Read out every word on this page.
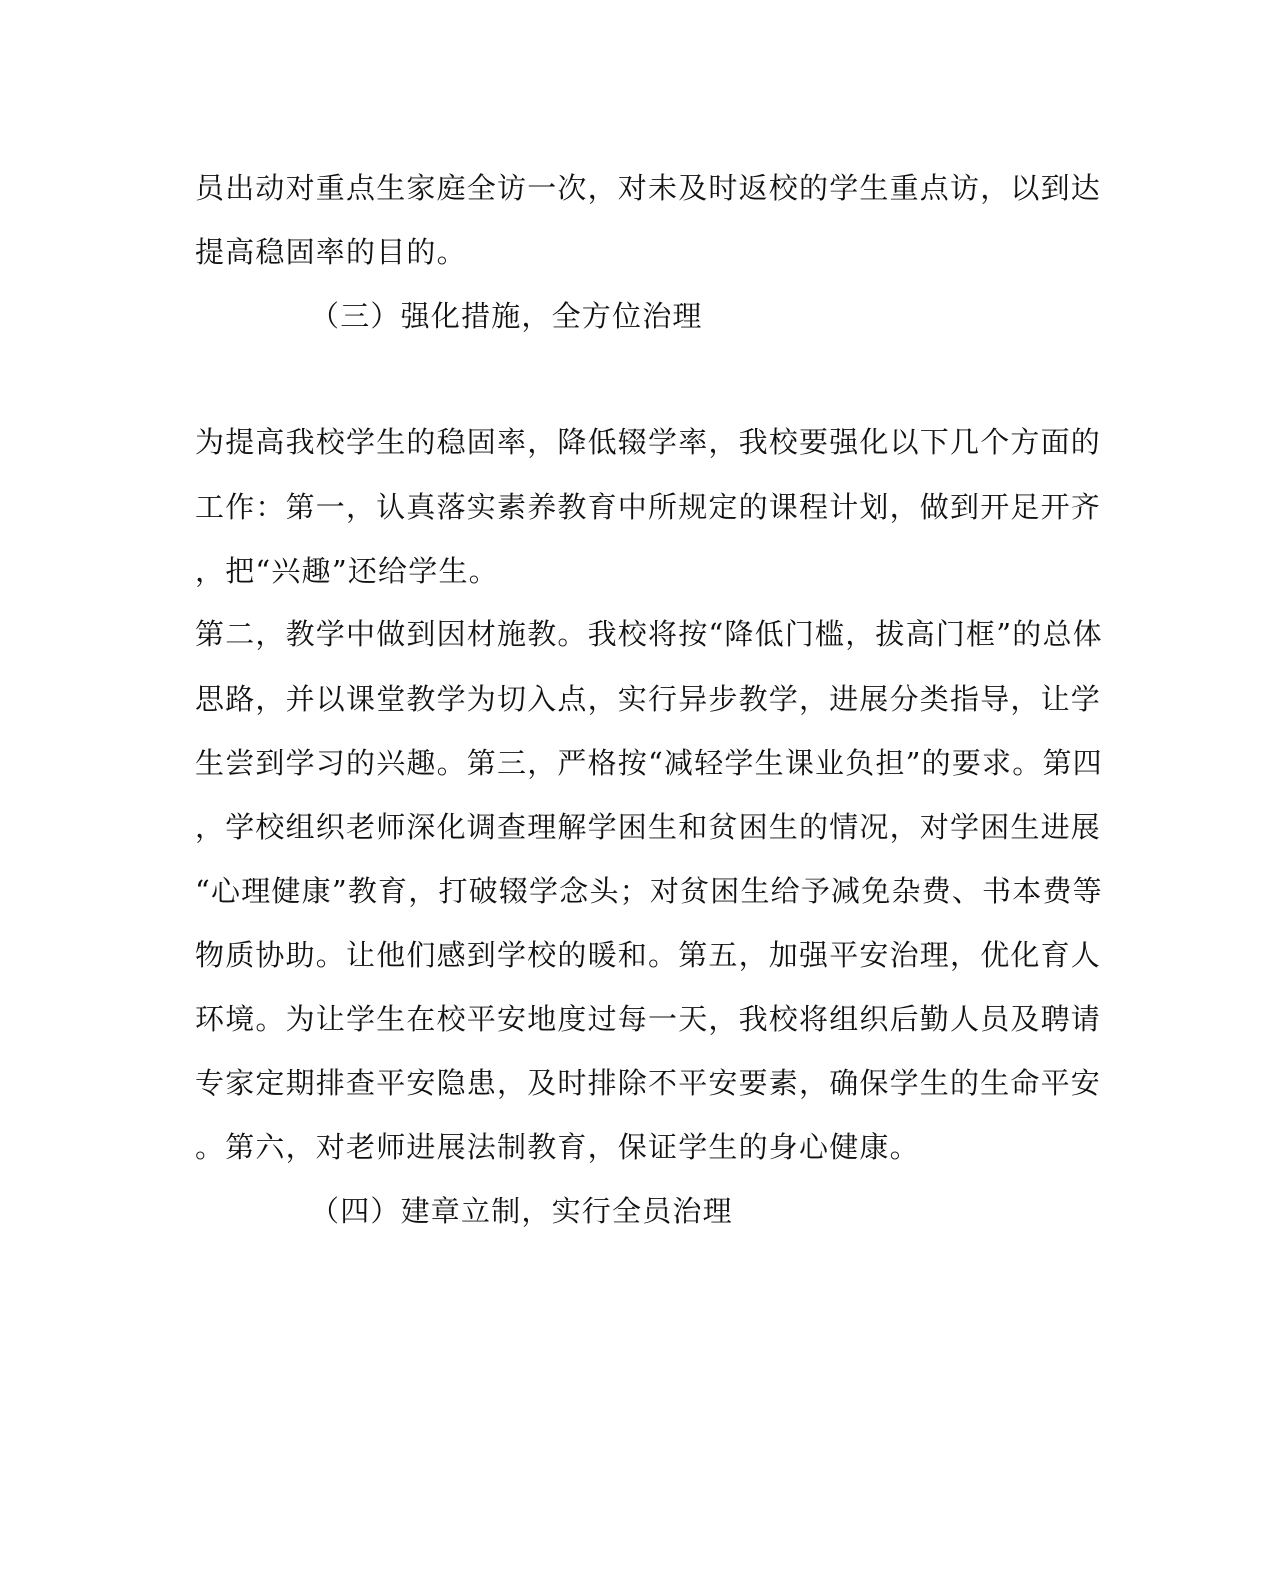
员出动对重点生家庭全访一次，对未及时返校的学生重点访，以到达
提高稳固率的目的。
（三）强化措施，全方位治理
为提高我校学生的稳固率，降低辍学率，我校要强化以下几个方面的
工作：第一，认真落实素养教育中所规定的课程计划，做到开足开齐
，把“兴趣”还给学生。
第二，教学中做到因材施教。我校将按“降低门槛，拔高门框”的总体
思路，并以课堂教学为切入点，实行异步教学，进展分类指导，让学
生尝到学习的兴趣。第三，严格按“减轻学生课业负担”的要求。第四
，学校组织老师深化调查理解学困生和贫困生的情况，对学困生进展
“心理健康”教育，打破辍学念头；对贫困生给予减免杂费、书本费等
物质协助。让他们感到学校的暖和。第五，加强平安治理，优化育人
环境。为让学生在校平安地度过每一天，我校将组织后勤人员及聘请
专家定期排查平安隐患，及时排除不平安要素，确保学生的生命平安
。第六，对老师进展法制教育，保证学生的身心健康。
（四）建章立制，实行全员治理
